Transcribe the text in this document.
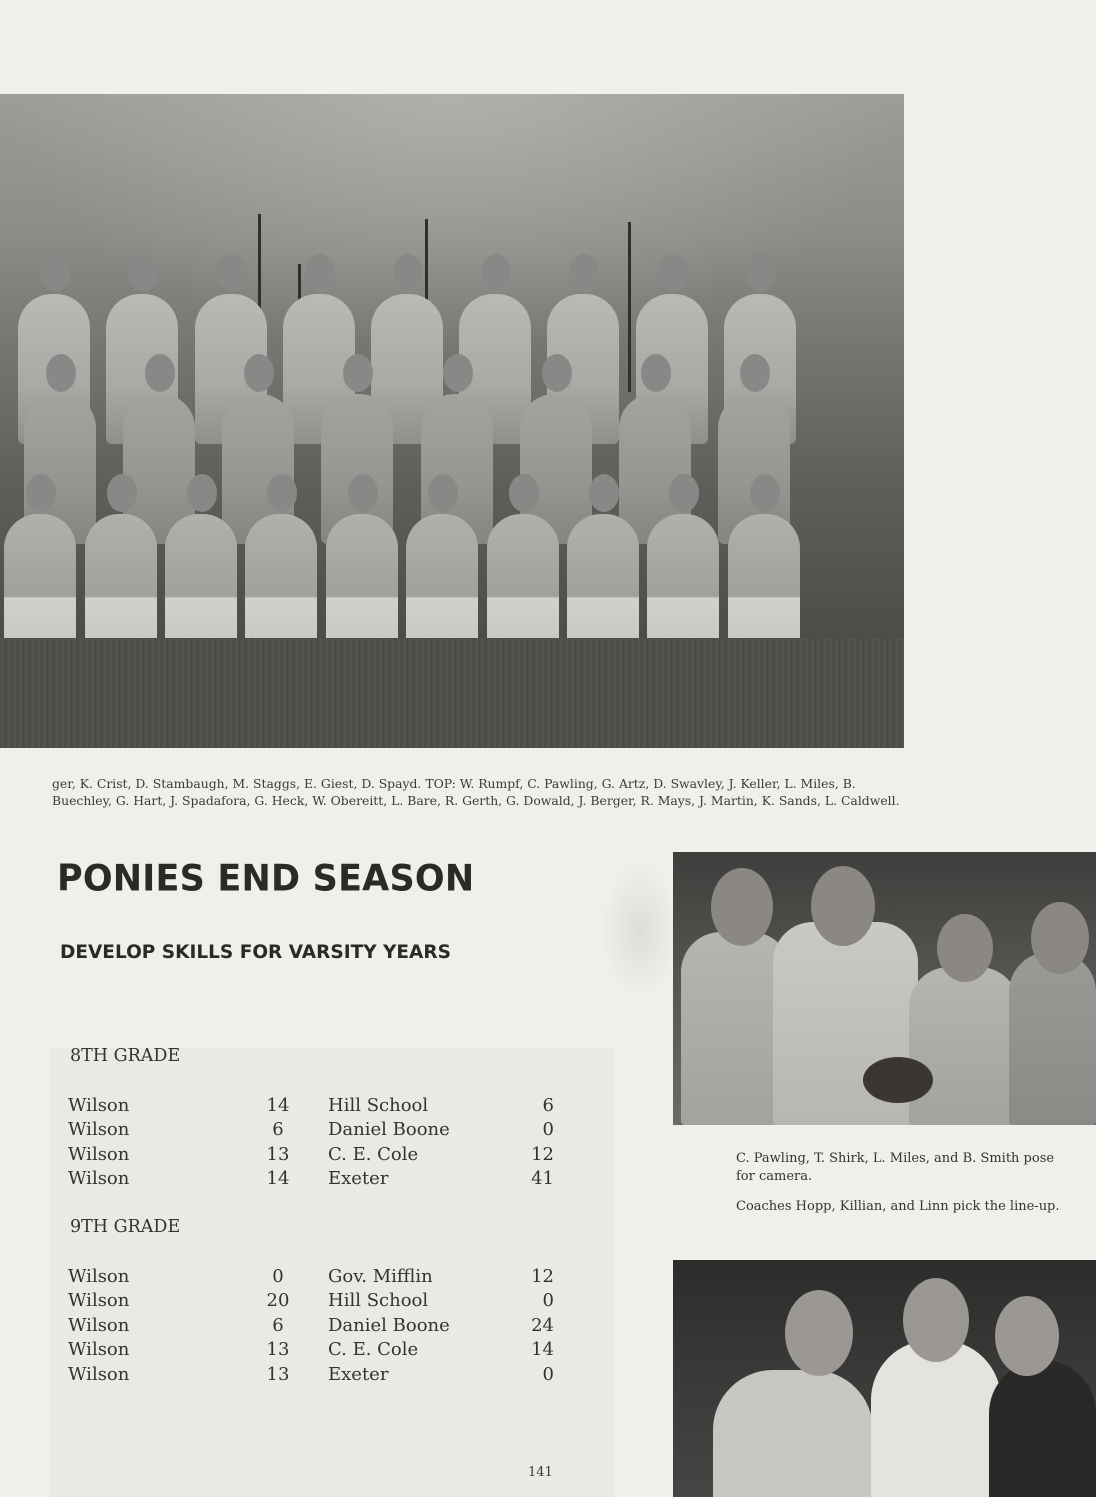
ger, K. Crist, D. Stambaugh, M. Staggs, E. Giest, D. Spayd. TOP: W. Rumpf, C. Pawling, G. Artz, D. Swavley, J. Keller, L. Miles, B. Buechley, G. Hart, J. Spadafora, G. Heck, W. Obereitt, L. Bare, R. Gerth, G. Dowald, J. Berger, R. Mays, J. Martin, K. Sands, L. Caldwell.

PONIES END SEASON
DEVELOP SKILLS FOR VARSITY YEARS
8TH GRADE
Wilson	14		Hill School	6
Wilson	6		Daniel Boone	0
Wilson	13		C. E. Cole	12
Wilson	14		Exeter	41
9TH GRADE
Wilson	0		Gov. Mifflin	12
Wilson	20		Hill School	0
Wilson	6		Daniel Boone	24
Wilson	13		C. E. Cole	14
Wilson	13		Exeter	0

C. Pawling, T. Shirk, L. Miles, and B. Smith pose for camera.

Coaches Hopp, Killian, and Linn pick the line-up.

141
